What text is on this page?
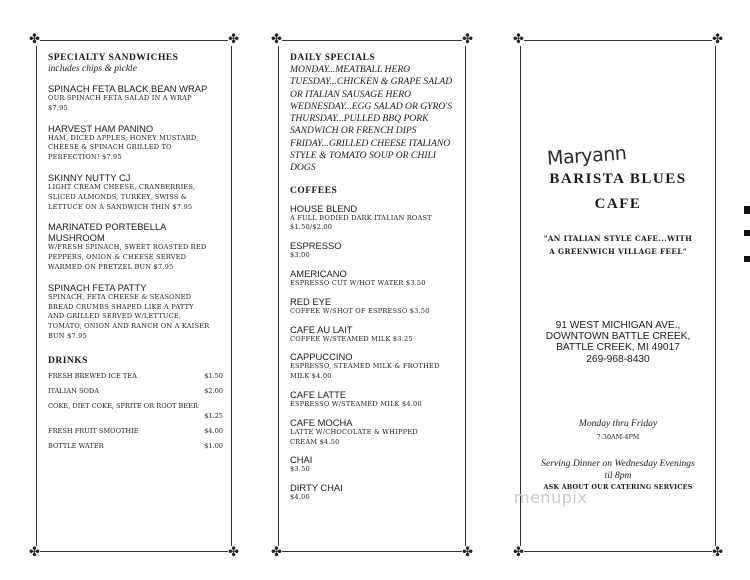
✤	✤
✤	✤
SPECIALTY SANDWICHES
includes chips & pickle
SPINACH FETA BLACK BEAN WRAP
OUR SPINACH FETA SALAD IN A WRAP
$7.95
HARVEST HAM PANINO
HAM, DICED APPLES, HONEY MUSTARD,
CHEESE & SPINACH GRILLED TO
PERFECTION! $7.95
SKINNY NUTTY CJ
LIGHT CREAM CHEESE, CRANBERRIES,
SLICED ALMONDS, TURKEY, SWISS &
LETTUCE ON A SANDWICH THIN $7.95
MARINATED PORTEBELLA
MUSHROOM
W/FRESH SPINACH, SWEET ROASTED RED
PEPPERS, ONION & CHEESE SERVED
WARMED ON PRETZEL BUN $7.95
SPINACH FETA PATTY
SPINACH, FETA CHEESE & SEASONED
BREAD CRUMBS SHAPED LIKE A PATTY
AND GRILLED SERVED W/LETTUCE,
TOMATO, ONION AND RANCH ON A KAISER
BUN $7.95
DRINKS
FRESH BREWED ICE TEA	$1.50
ITALIAN SODA	$2.00
COKE, DIET COKE, SPRITE OR ROOT BEER
$1.25
FRESH FRUIT SMOOTHIE	$4.00
BOTTLE WATER	$1.00
✤	✤
✤	✤
DAILY SPECIALS
MONDAY...MEATBALL HERO
TUESDAY...CHICKEN & GRAPE SALAD
OR ITALIAN SAUSAGE HERO
WEDNESDAY...EGG SALAD OR GYRO'S
THURSDAY...PULLED BBQ PORK
SANDWICH OR FRENCH DIPS
FRIDAY...GRILLED CHEESE ITALIANO
STYLE & TOMATO SOUP OR CHILI
DOGS
COFFEES
HOUSE BLEND
A FULL BODIED DARK ITALIAN ROAST
$1.50/$2.00
ESPRESSO
$3.00
AMERICANO
ESPRESSO CUT W/HOT WATER $3.50
RED EYE
COFFEE W/SHOT OF ESPRESSO $3.50
CAFE AU LAIT
COFFEE W/STEAMED MILK $3.25
CAPPUCCINO
ESPRESSO, STEAMED MILK & FROTHED
MILK $4.00
CAFE LATTE
ESPRESSO W/STEAMED MILK $4.00
CAFE MOCHA
LATTE W/CHOCOLATE & WHIPPED
CREAM $4.50
CHAI
$3.50
DIRTY CHAI
$4.00
✤	✤
✤	✤
Maryann
BARISTA BLUES
CAFE
"AN ITALIAN STYLE CAFE...WITH
A GREENWICH VILLAGE FEEL"
91 WEST MICHIGAN AVE.,
DOWNTOWN BATTLE CREEK,
BATTLE CREEK, MI 49017
269-968-8430
Monday thru Friday
7:30AM-4PM
Serving Dinner on Wednesday Evenings
til 8pm
ASK ABOUT OUR CATERING SERVICES
menupix
